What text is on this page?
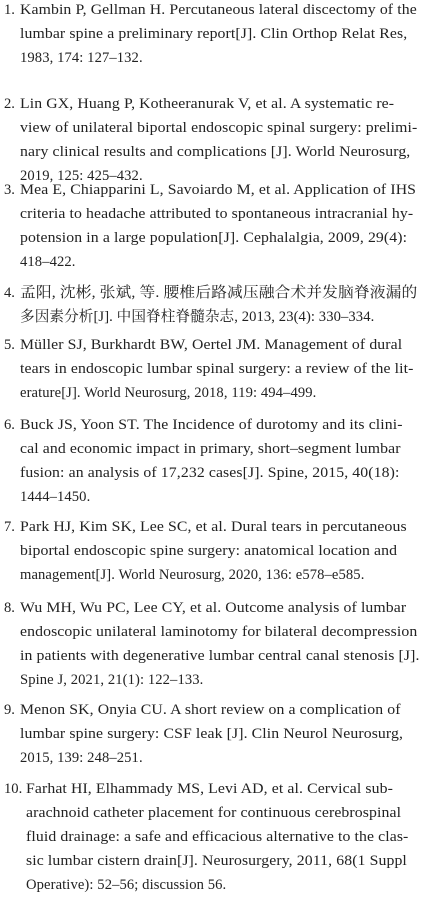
1. Kambin P, Gellman H. Percutaneous lateral discectomy of the
lumbar spine a preliminary report[J]. Clin Orthop Relat Res,
1983, 174: 127–132.
2. Lin GX, Huang P, Kotheeranurak V, et al. A systematic re-
view of unilateral biportal endoscopic spinal surgery: prelimi-
nary clinical results and complications [J]. World Neurosurg,
2019, 125: 425–432.
3. Mea E, Chiapparini L, Savoiardo M, et al. Application of IHS
criteria to headache attributed to spontaneous intracranial hy-
potension in a large population[J]. Cephalalgia, 2009, 29(4):
418–422.
4. 孟阳, 沈彬, 张斌, 等. 腰椎后路减压融合术并发脑脊液漏的
多因素分析[J]. 中国脊柱脊髓杂志, 2013, 23(4): 330–334.
5. Müller SJ, Burkhardt BW, Oertel JM. Management of dural
tears in endoscopic lumbar spinal surgery: a review of the lit-
erature[J]. World Neurosurg, 2018, 119: 494–499.
6. Buck JS, Yoon ST. The Incidence of durotomy and its clini-
cal and economic impact in primary, short–segment lumbar
fusion: an analysis of 17,232 cases[J]. Spine, 2015, 40(18):
1444–1450.
7. Park HJ, Kim SK, Lee SC, et al. Dural tears in percutaneous
biportal endoscopic spine surgery: anatomical location and
management[J]. World Neurosurg, 2020, 136: e578–e585.
8. Wu MH, Wu PC, Lee CY, et al. Outcome analysis of lumbar
endoscopic unilateral laminotomy for bilateral decompression
in patients with degenerative lumbar central canal stenosis [J].
Spine J, 2021, 21(1): 122–133.
9. Menon SK, Onyia CU. A short review on a complication of
lumbar spine surgery: CSF leak [J]. Clin Neurol Neurosurg,
2015, 139: 248–251.
10. Farhat HI, Elhammady MS, Levi AD, et al. Cervical sub-
arachnoid catheter placement for continuous cerebrospinal
fluid drainage: a safe and efficacious alternative to the clas-
sic lumbar cistern drain[J]. Neurosurgery, 2011, 68(1 Suppl
Operative): 52–56; discussion 56.
